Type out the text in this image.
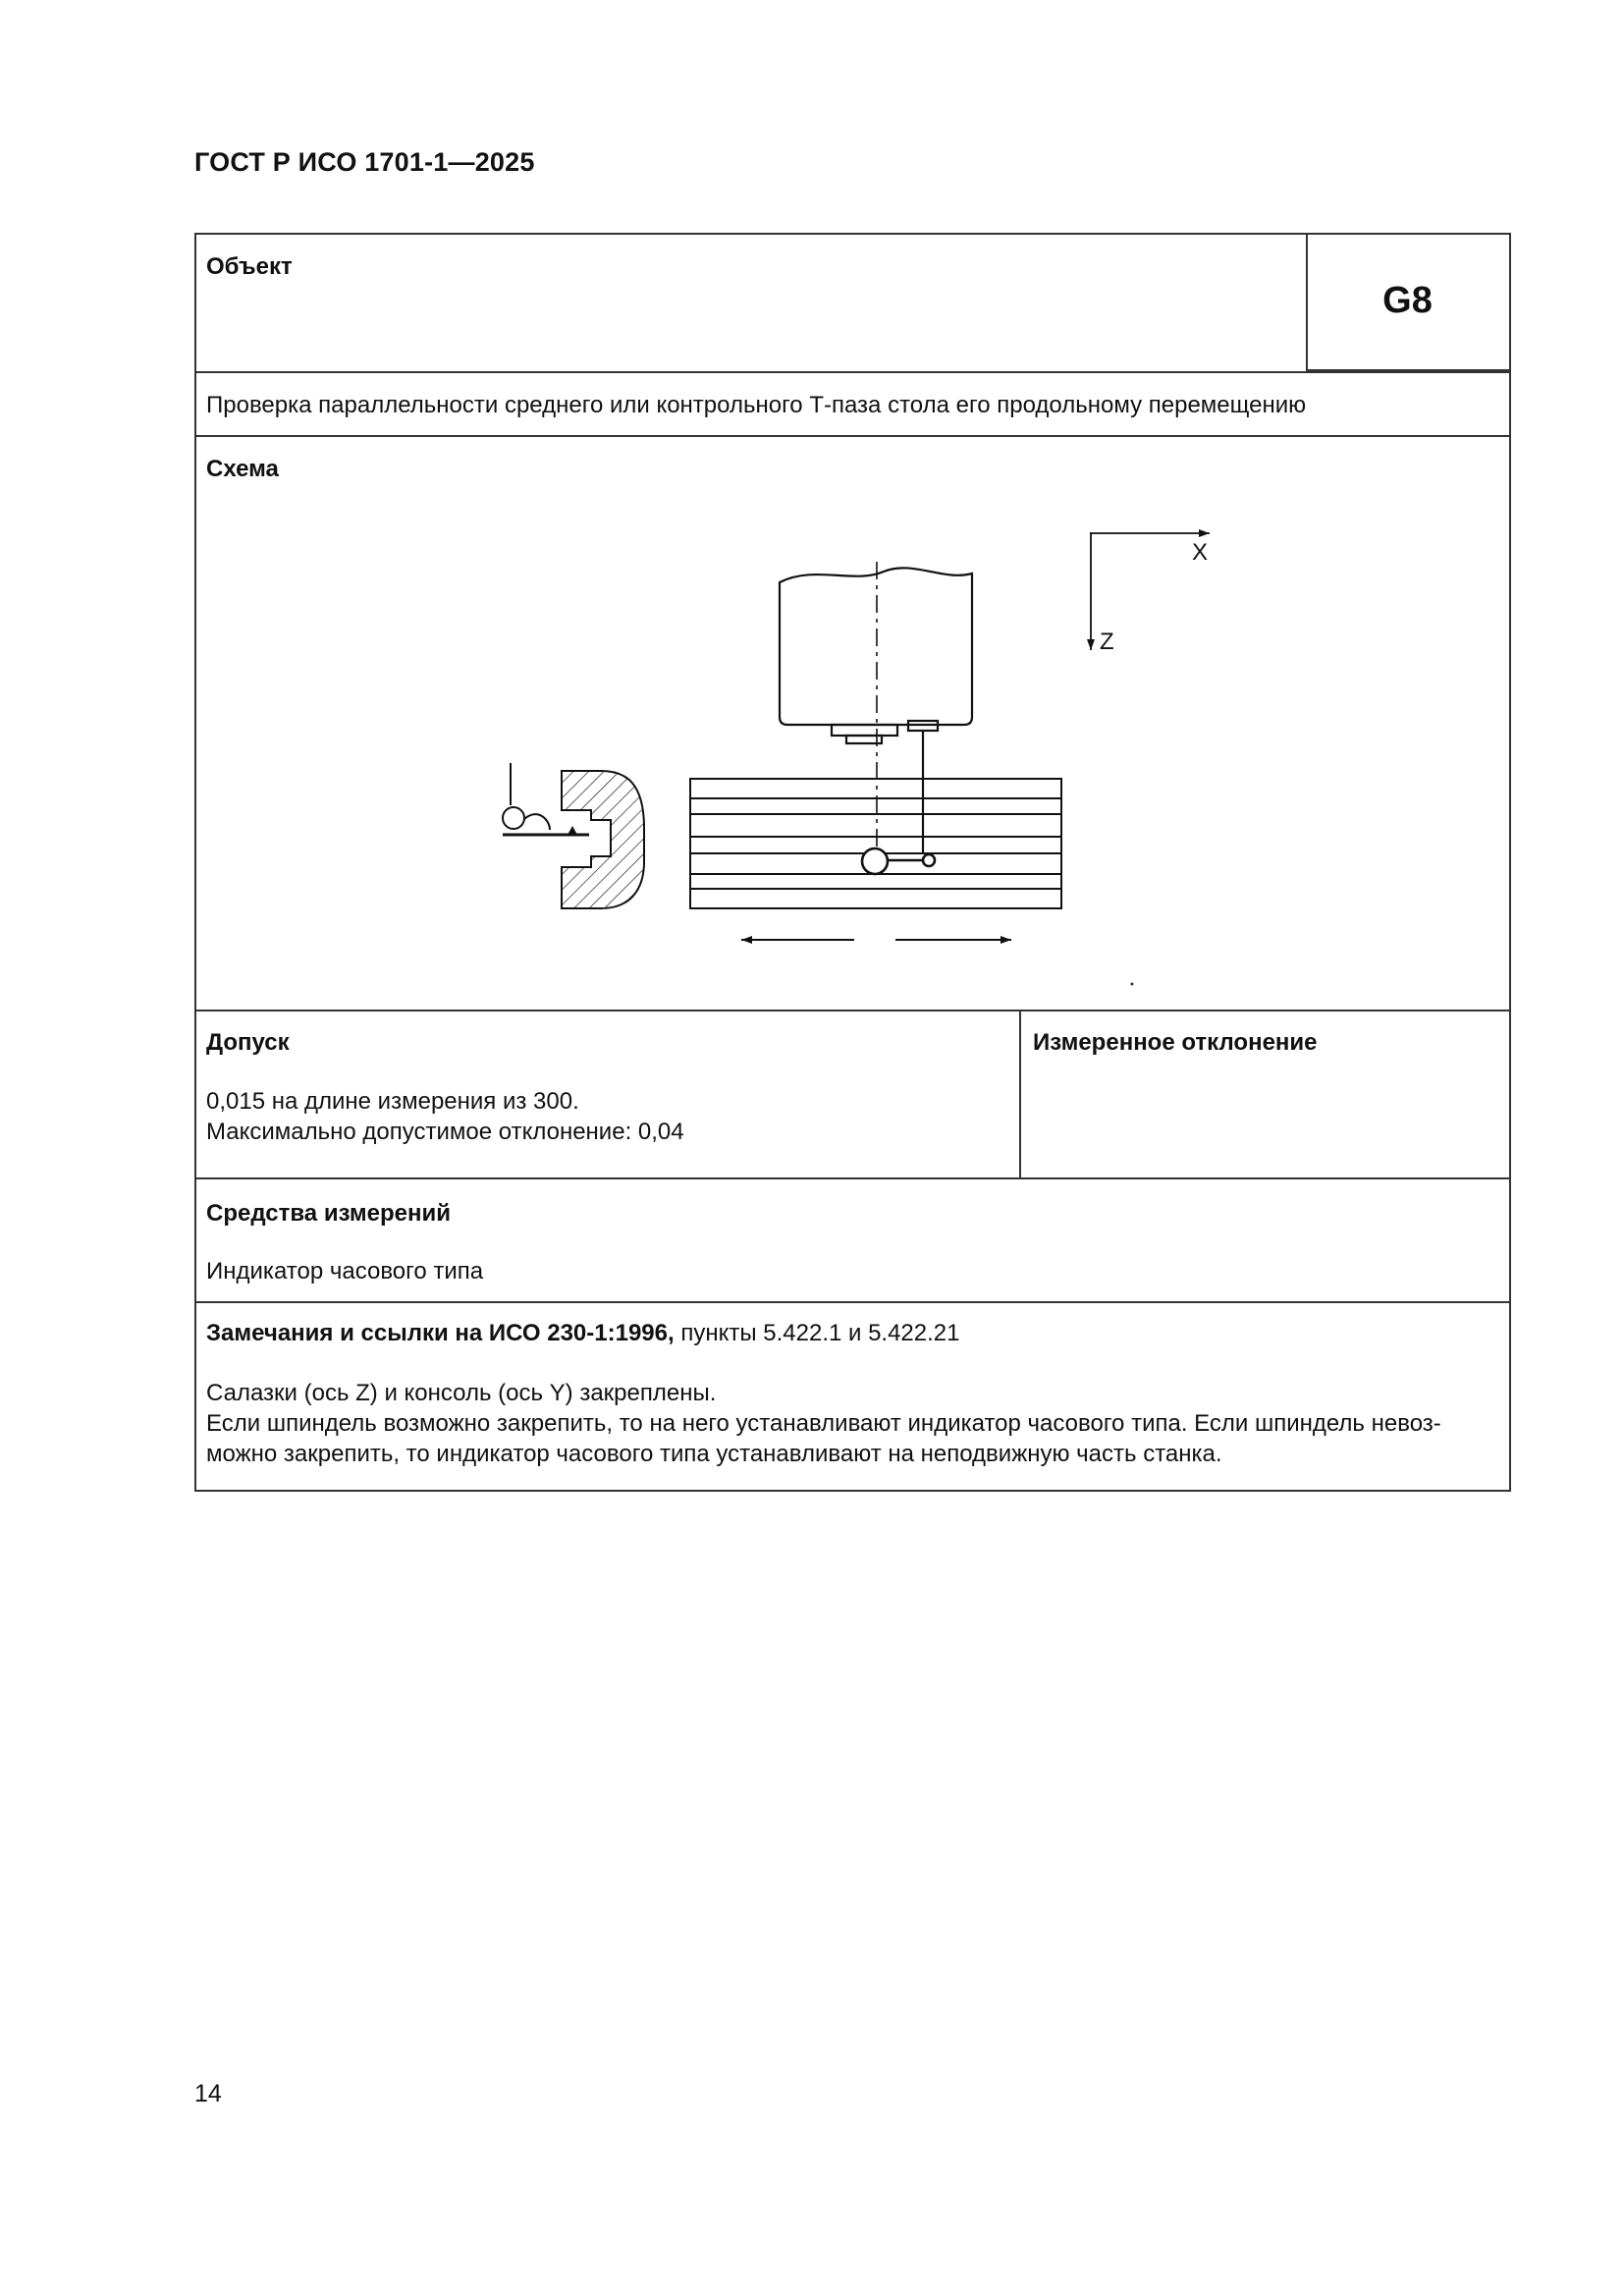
ГОСТ Р ИСО 1701-1—2025
Объект
G8
Проверка параллельности среднего или контрольного Т-паза стола его продольному перемещению
Схема
Допуск
0,015 на длине измерения из 300.
Максимально допустимое отклонение: 0,04
Измеренное отклонение
Средства измерений
Индикатор часового типа
Замечания и ссылки на ИСО 230-1:1996, пункты 5.422.1 и 5.422.21
Салазки (ось Z) и консоль (ось Y) закреплены.
Если шпиндель возможно закрепить, то на него устанавливают индикатор часового типа. Если шпиндель невоз-
можно закрепить, то индикатор часового типа устанавливают на неподвижную часть станка.
X
Z
14
